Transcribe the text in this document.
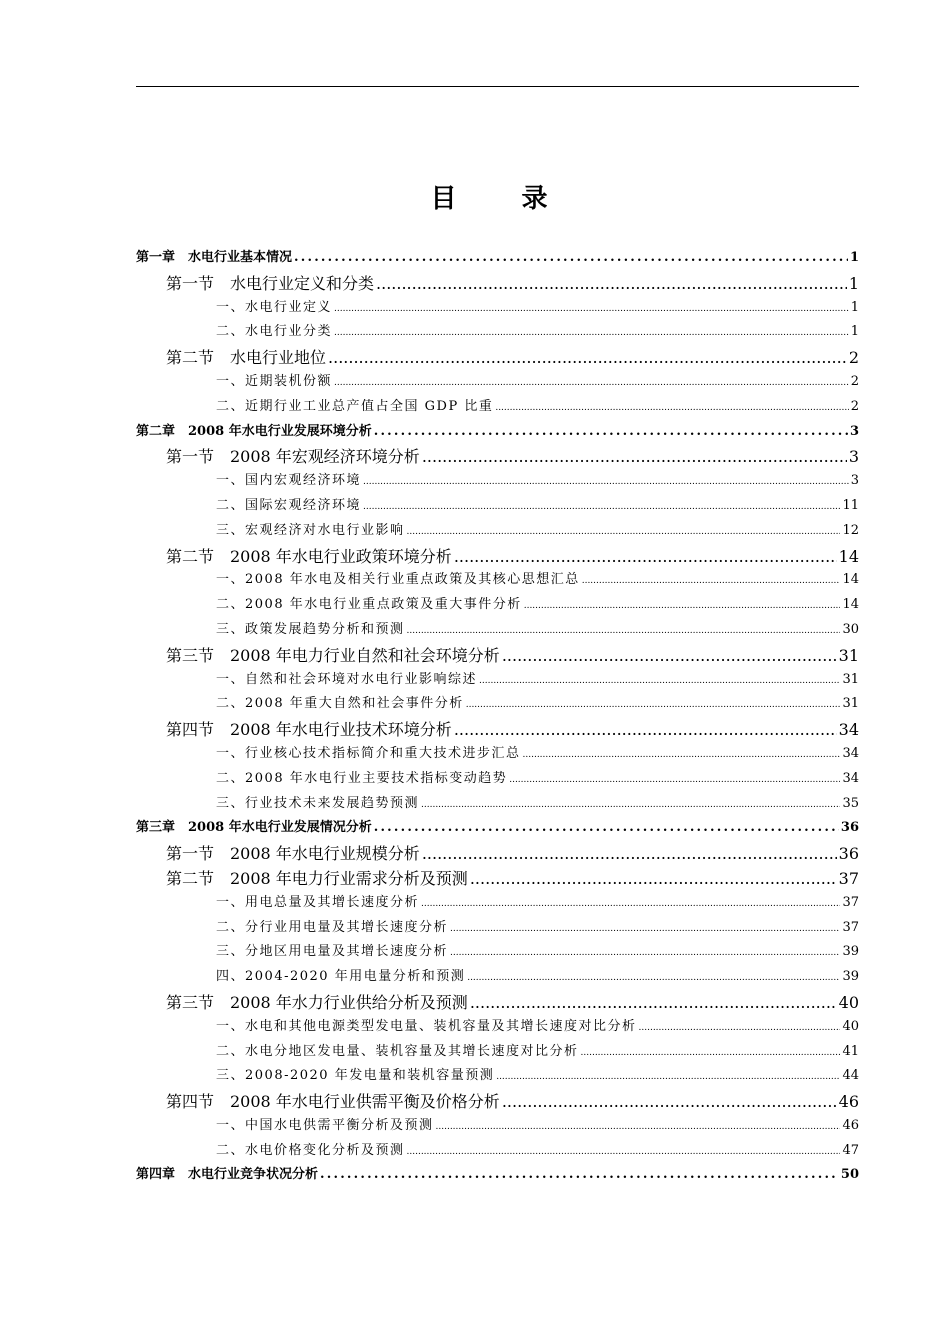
目 录
第一章　水电行业基本情况 .....	1
第一节　水电行业定义和分类 .....	1
一、水电行业定义 .....	1
二、水电行业分类 .....	1
第二节　水电行业地位 .....	2
一、近期装机份额 .....	2
二、近期行业工业总产值占全国 GDP 比重 .....	2
第二章　2008 年水电行业发展环境分析 .....	3
第一节　2008 年宏观经济环境分析 .....	3
一、国内宏观经济环境 .....	3
二、国际宏观经济环境 .....	11
三、宏观经济对水电行业影响 .....	12
第二节　2008 年水电行业政策环境分析 .....	14
一、2008 年水电及相关行业重点政策及其核心思想汇总 .....	14
二、2008 年水电行业重点政策及重大事件分析 .....	14
三、政策发展趋势分析和预测 .....	30
第三节　2008 年电力行业自然和社会环境分析 .....	31
一、自然和社会环境对水电行业影响综述 .....	31
二、2008 年重大自然和社会事件分析 .....	31
第四节　2008 年水电行业技术环境分析 .....	34
一、行业核心技术指标简介和重大技术进步汇总 .....	34
二、2008 年水电行业主要技术指标变动趋势 .....	34
三、行业技术未来发展趋势预测 .....	35
第三章　2008 年水电行业发展情况分析 .....	36
第一节　2008 年水电行业规模分析 .....	36
第二节　2008 年电力行业需求分析及预测 .....	37
一、用电总量及其增长速度分析 .....	37
二、分行业用电量及其增长速度分析 .....	37
三、分地区用电量及其增长速度分析 .....	39
四、2004-2020 年用电量分析和预测 .....	39
第三节　2008 年水力行业供给分析及预测 .....	40
一、水电和其他电源类型发电量、装机容量及其增长速度对比分析 .....	40
二、水电分地区发电量、装机容量及其增长速度对比分析 .....	41
三、2008-2020 年发电量和装机容量预测 .....	44
第四节　2008 年水电行业供需平衡及价格分析 .....	46
一、中国水电供需平衡分析及预测 .....	46
二、水电价格变化分析及预测 .....	47
第四章　水电行业竞争状况分析 .....	50
